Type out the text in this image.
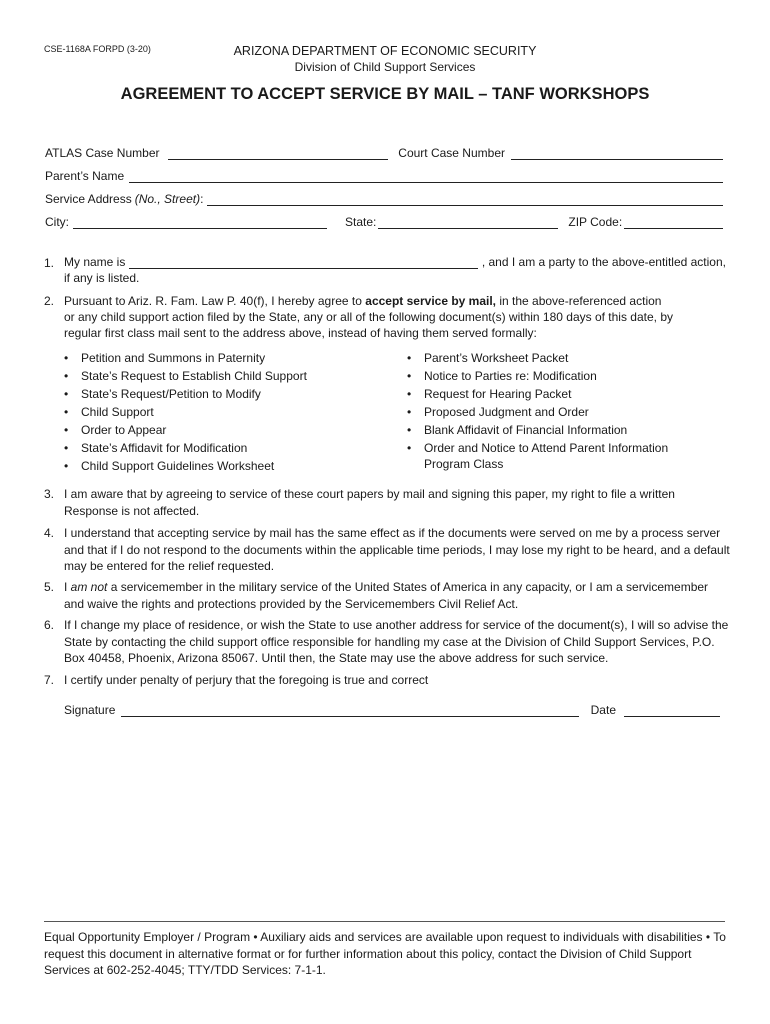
CSE-1168A FORPD (3-20)	ARIZONA DEPARTMENT OF ECONOMIC SECURITY
Division of Child Support Services
AGREEMENT TO ACCEPT SERVICE BY MAIL – TANF WORKSHOPS
ATLAS Case Number	Court Case Number
Parent’s Name
Service Address (No., Street) :
City:	State:	ZIP Code:
1. My name is	, and I am a party to the above-entitled action,
if any is listed.
2. Pursuant to Ariz. R. Fam. Law P. 40(f), I hereby agree to accept service by mail, in the above-referenced action
or any child support action filed by the State, any or all of the following document(s) within 180 days of this date, by
regular first class mail sent to the address above, instead of having them served formally:
•	Petition and Summons in Paternity
•	State’s Request to Establish Child Support
•	State’s Request/Petition to Modify
•	Child Support
•	Order to Appear
•	State’s Affidavit for Modification
•	Child Support Guidelines Worksheet
•	Parent’s Worksheet Packet
•	Notice to Parties re: Modification
•	Request for Hearing Packet
•	Proposed Judgment and Order
•	Blank Affidavit of Financial Information
•	Order and Notice to Attend Parent Information Program Class
3. I am aware that by agreeing to service of these court papers by mail and signing this paper, my right to file a written Response is not affected.
4. I understand that accepting service by mail has the same effect as if the documents were served on me by a process server and that if I do not respond to the documents within the applicable time periods, I may lose my right to be heard, and a default may be entered for the relief requested.
5. I am not a servicemember in the military service of the United States of America in any capacity, or I am a servicemember and waive the rights and protections provided by the Servicemembers Civil Relief Act.
6. If I change my place of residence, or wish the State to use another address for service of the document(s), I will so advise the State by contacting the child support office responsible for handling my case at the Division of Child Support Services, P.O. Box 40458, Phoenix, Arizona 85067. Until then, the State may use the above address for such service.
7. I certify under penalty of perjury that the foregoing is true and correct
Signature	Date
Equal Opportunity Employer / Program • Auxiliary aids and services are available upon request to individuals with disabilities • To request this document in alternative format or for further information about this policy, contact the Division of Child Support Services at 602-252-4045; TTY/TDD Services: 7-1-1.
